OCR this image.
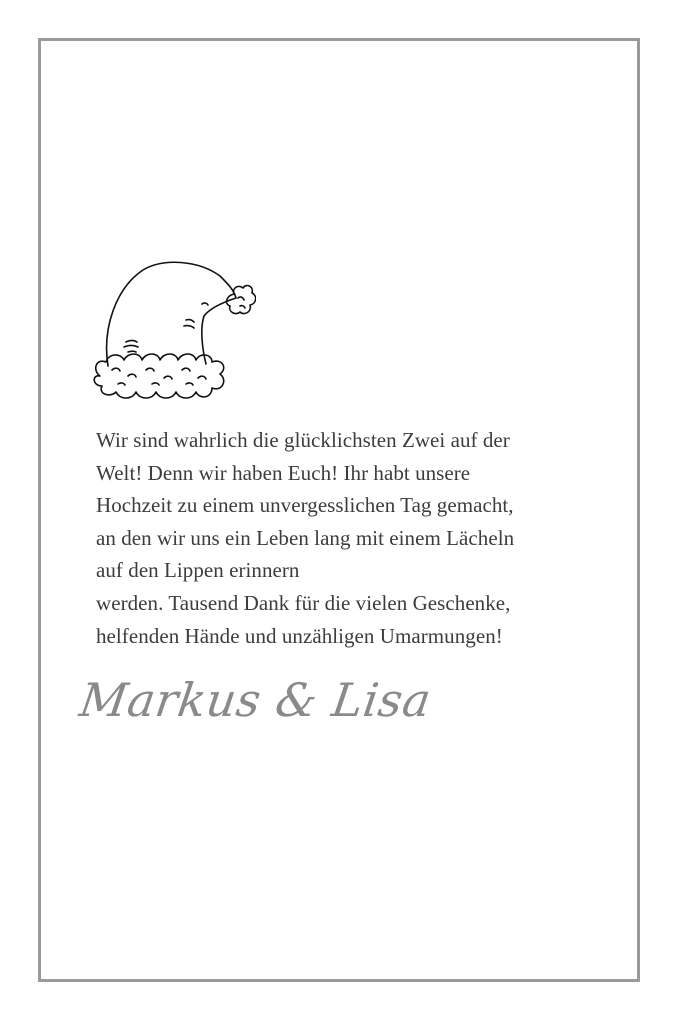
Wir sind wahrlich die glücklichsten Zwei auf der
Welt! Denn wir haben Euch! Ihr habt unsere
Hochzeit zu einem unvergesslichen Tag gemacht,
an den wir uns ein Leben lang mit einem Lächeln
auf den Lippen erinnern
werden. Tausend Dank für die vielen Geschenke,
helfenden Hände und unzähligen Umarmungen!

Markus & Lisa
